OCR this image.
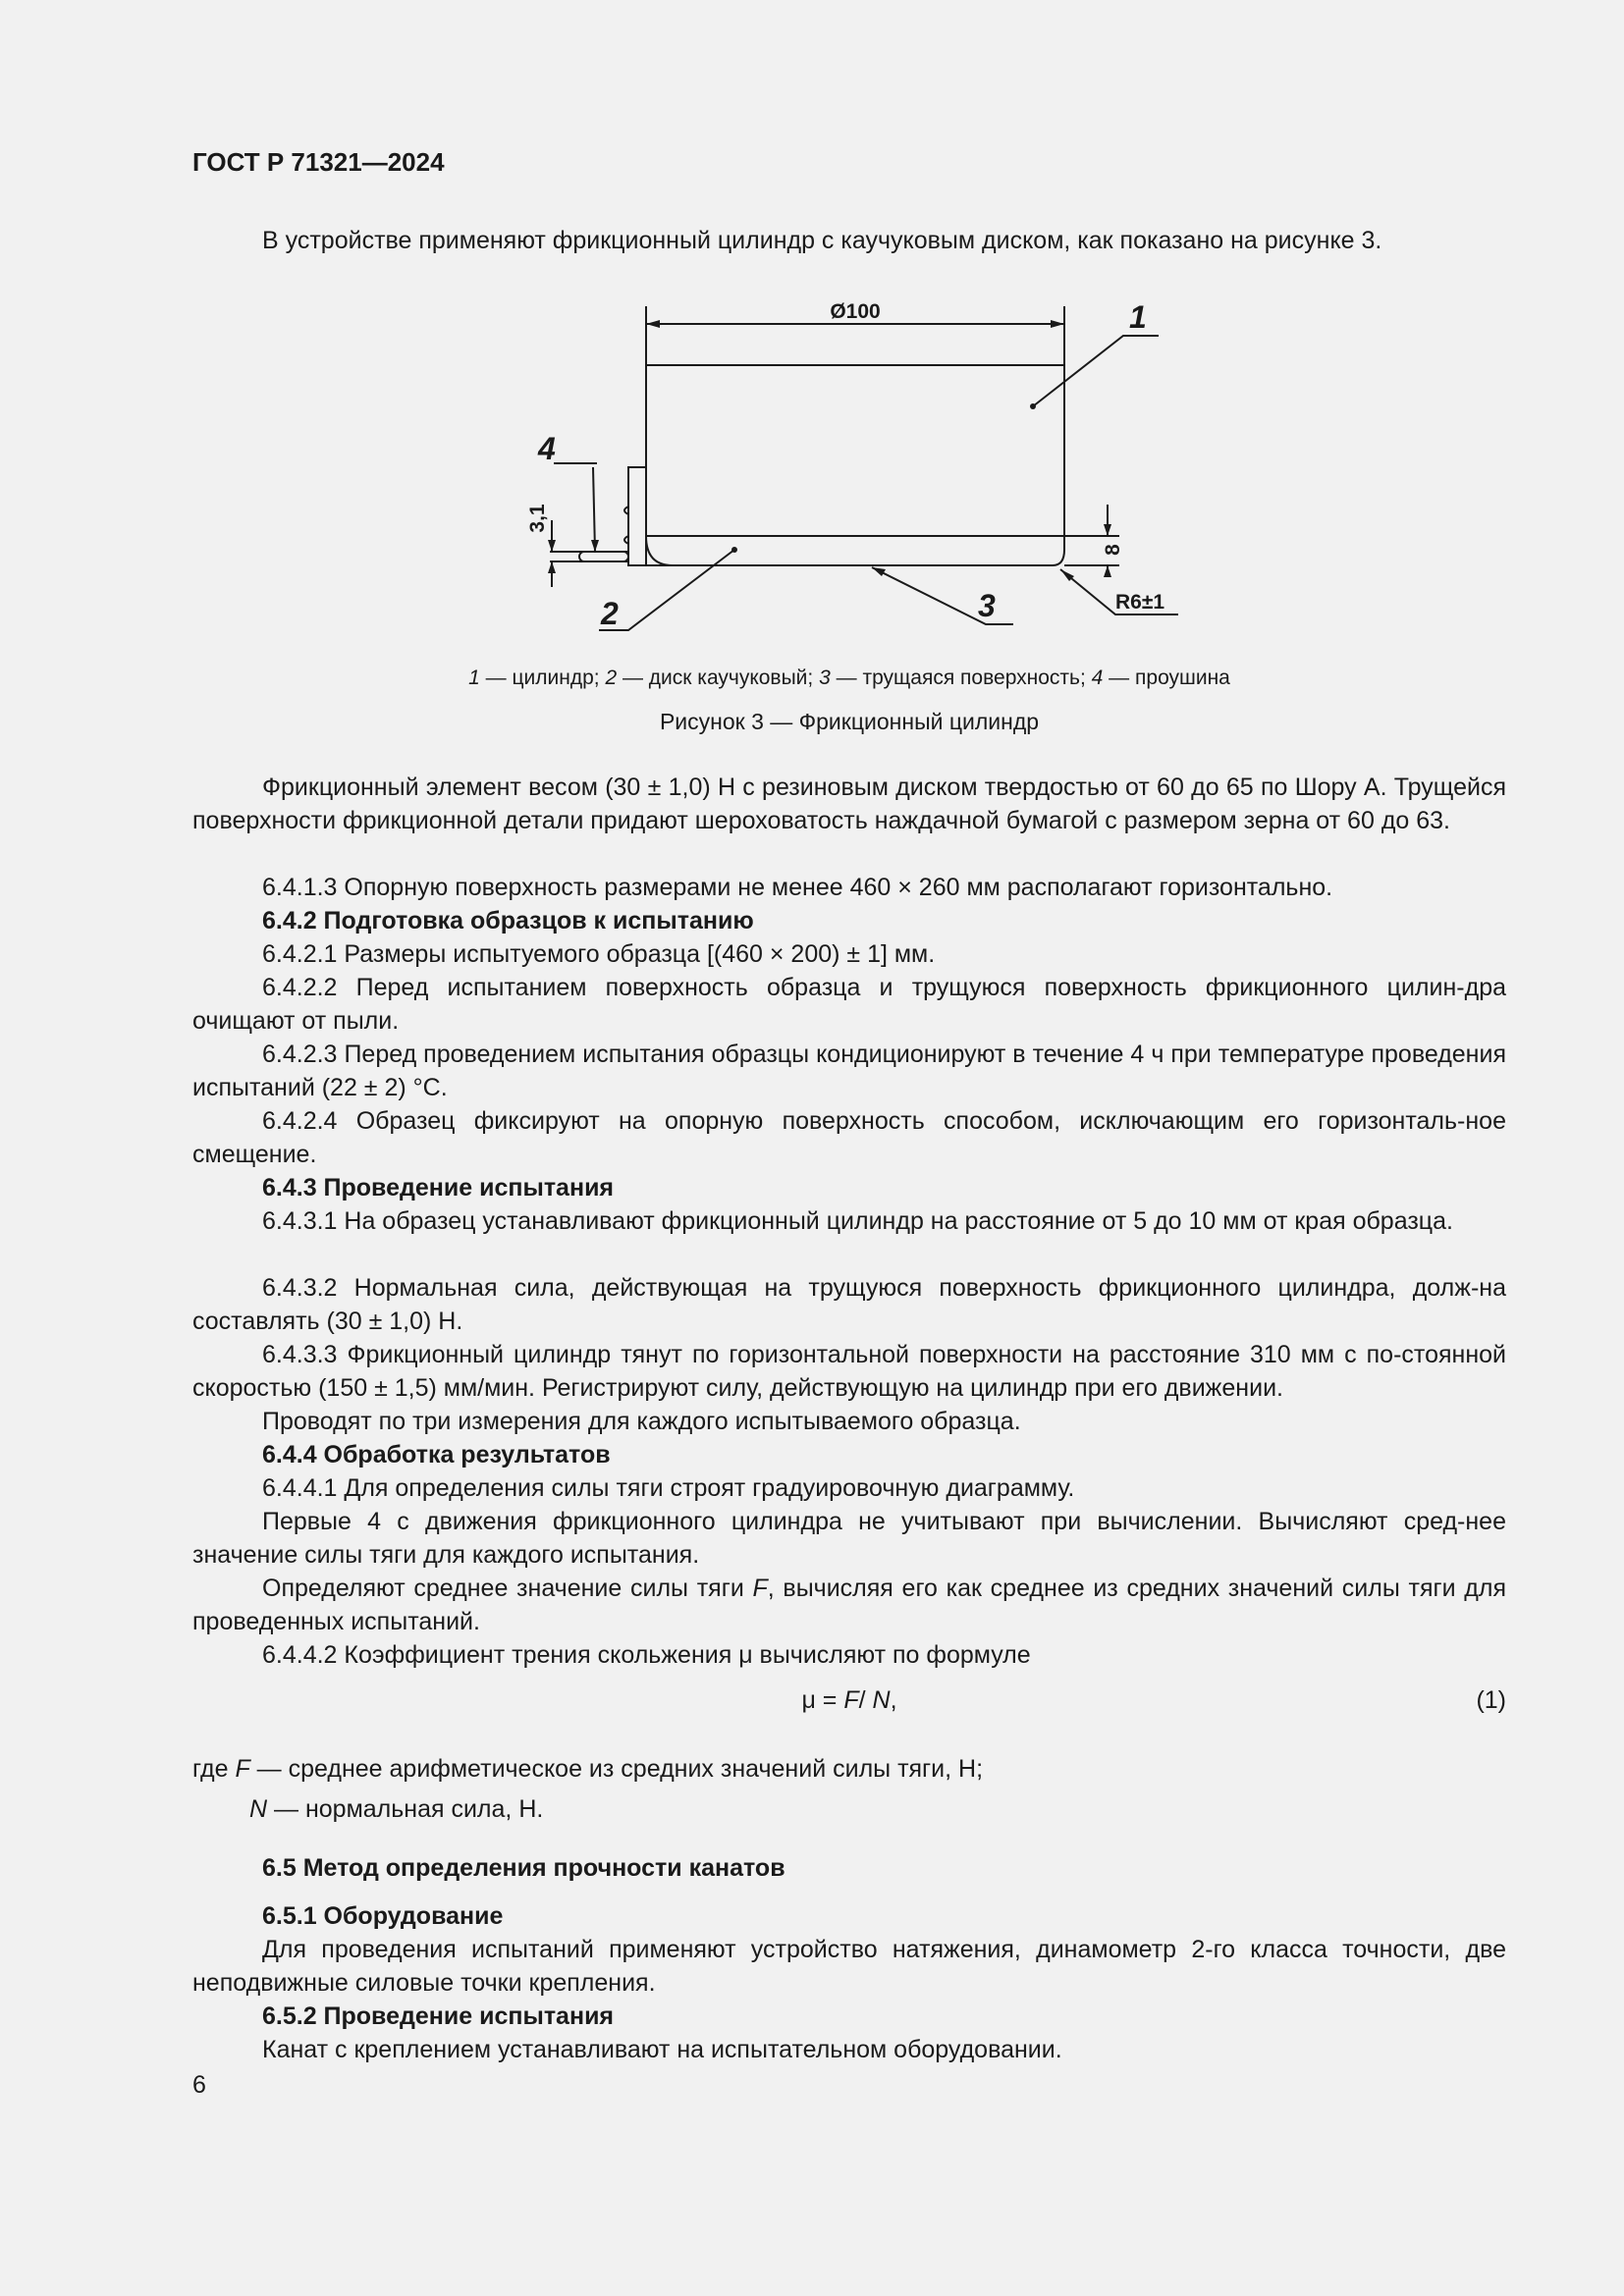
ГОСТ Р 71321—2024
В устройстве применяют фрикционный цилиндр с каучуковым диском, как показано на рисунке 3.
Ø100
8
3,1
R6±1
1
2	3
4
1 — цилиндр; 2 — диск каучуковый; 3 — трущаяся поверхность; 4 — проушина
Рисунок 3 — Фрикционный цилиндр
Фрикционный элемент весом (30 ± 1,0) Н с резиновым диском твердостью от 60 до 65 по Шору А. Трущейся поверхности фрикционной детали придают шероховатость наждачной бумагой с размером зерна от 60 до 63.
6.4.1.3 Опорную поверхность размерами не менее 460 × 260 мм располагают горизонтально.
6.4.2 Подготовка образцов к испытанию
6.4.2.1 Размеры испытуемого образца [(460 × 200) ± 1] мм.
6.4.2.2 Перед испытанием поверхность образца и трущуюся поверхность фрикционного цилин-дра очищают от пыли.
6.4.2.3 Перед проведением испытания образцы кондиционируют в течение 4 ч при температуре проведения испытаний (22 ± 2) °С.
6.4.2.4 Образец фиксируют на опорную поверхность способом, исключающим его горизонталь-ное смещение.
6.4.3 Проведение испытания
6.4.3.1 На образец устанавливают фрикционный цилиндр на расстояние от 5 до 10 мм от края образца.
6.4.3.2 Нормальная сила, действующая на трущуюся поверхность фрикционного цилиндра, долж-на составлять (30 ± 1,0) Н.
6.4.3.3 Фрикционный цилиндр тянут по горизонтальной поверхности на расстояние 310 мм с по-стоянной скоростью (150 ± 1,5) мм/мин. Регистрируют силу, действующую на цилиндр при его движении.
Проводят по три измерения для каждого испытываемого образца.
6.4.4 Обработка результатов
6.4.4.1 Для определения силы тяги строят градуировочную диаграмму.
Первые 4 с движения фрикционного цилиндра не учитывают при вычислении. Вычисляют сред-нее значение силы тяги для каждого испытания.
Определяют среднее значение силы тяги F, вычисляя его как среднее из средних значений силы тяги для проведенных испытаний.
6.4.4.2 Коэффициент трения скольжения μ вычисляют по формуле
μ = F/ N,	(1)
где F — среднее арифметическое из средних значений силы тяги, Н;
N — нормальная сила, Н.
6.5 Метод определения прочности канатов
6.5.1 Оборудование
Для проведения испытаний применяют устройство натяжения, динамометр 2-го класса точности, две неподвижные силовые точки крепления.
6.5.2 Проведение испытания
Канат с креплением устанавливают на испытательном оборудовании.
6
